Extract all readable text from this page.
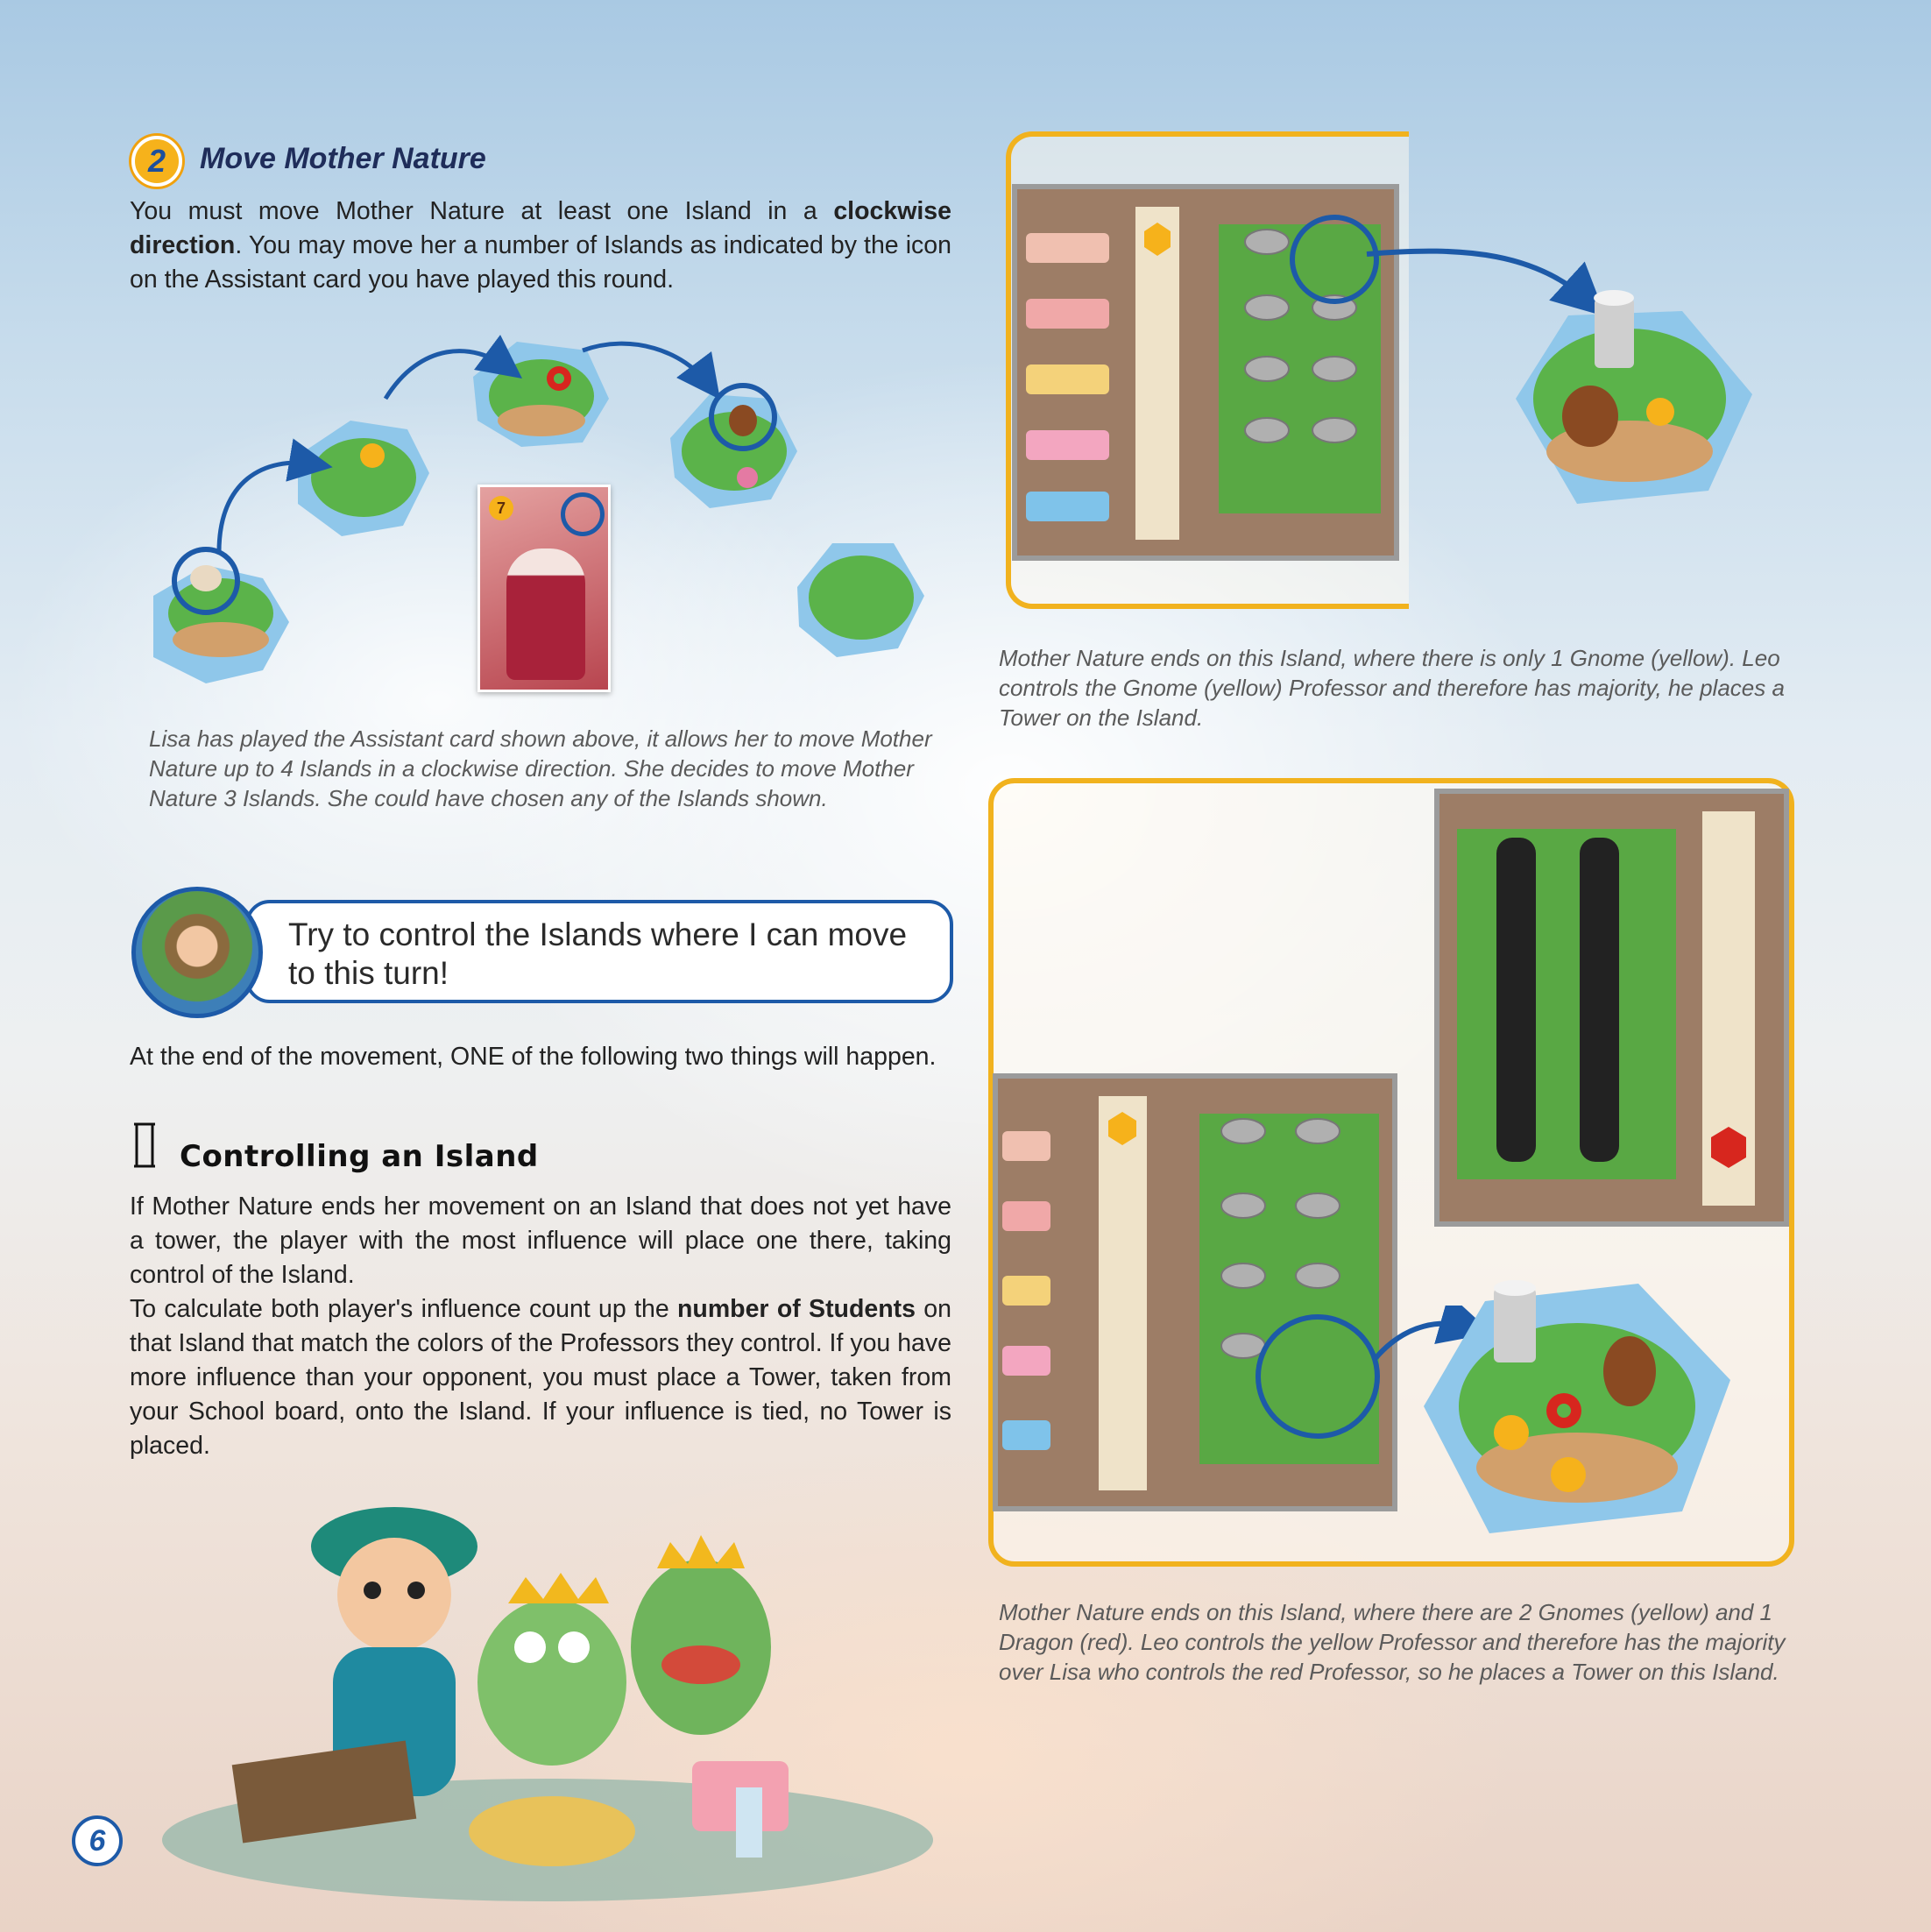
2	Move Mother Nature

You must move Mother Nature at least one Island in a clockwise direction. You may move her a number of Islands as indicated by the icon on the Assistant card you have played this round.

7

Lisa has played the Assistant card shown above, it allows her to move Mother Nature up to 4 Islands in a clockwise direction. She decides to move Mother Nature 3 Islands. She could have chosen any of the Islands shown.

Try to control the Islands where I can move to this turn!

At the end of the movement, ONE of the following two things will happen.

Controlling an Island

If Mother Nature ends her movement on an Island that does not yet have a tower, the player with the most influence will place one there, taking control of the Island.

To calculate both player's influence count up the number of Students on that Island that match the colors of the Professors they control. If you have more influence than your opponent, you must place a Tower, taken from your School board, onto the Island. If your influence is tied, no Tower is placed.

6

Mother Nature ends on this Island, where there is only 1 Gnome (yellow). Leo controls the Gnome (yellow) Professor and therefore has majority, he places a Tower on the Island.

Mother Nature ends on this Island, where there are 2 Gnomes (yellow) and 1 Dragon (red). Leo controls the yellow Professor and therefore has the majority over Lisa who controls the red Professor, so he places a Tower on this Island.
